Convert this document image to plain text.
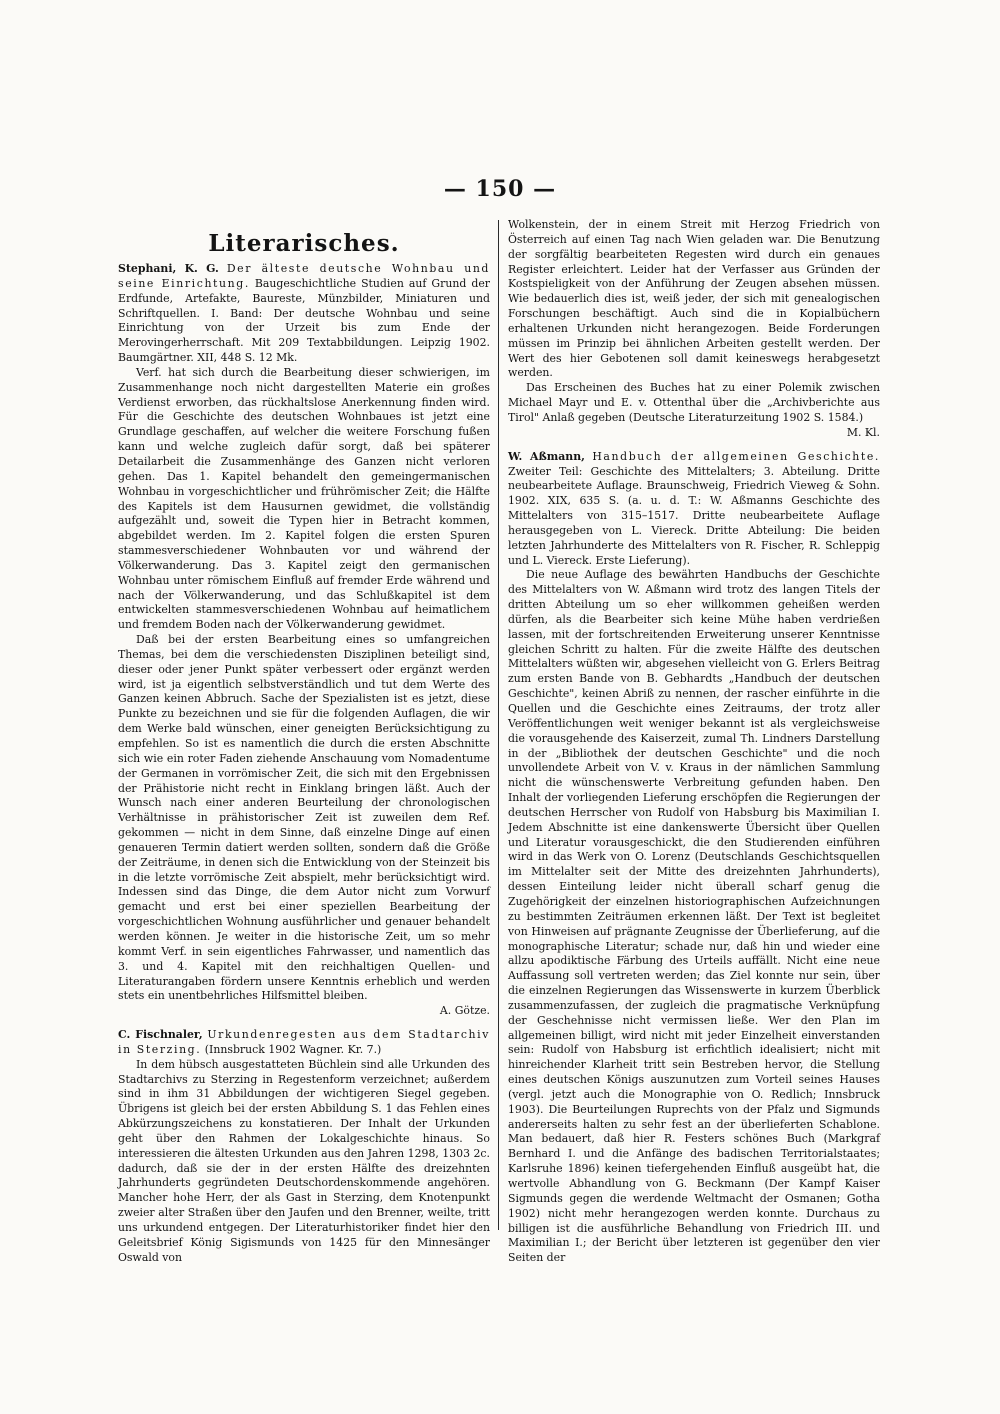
— 150 —
Literarisches.

Stephani, K. G. Der älteste deutsche Wohnbau und seine Einrichtung. Baugeschichtliche Studien auf Grund der Erdfunde, Artefakte, Baureste, Münzbilder, Miniaturen und Schriftquellen. I. Band: Der deutsche Wohnbau und seine Einrichtung von der Urzeit bis zum Ende der Merovingerherrschaft. Mit 209 Textabbildungen. Leipzig 1902. Baumgärtner. XII, 448 S. 12 Mk.

Verf. hat sich durch die Bearbeitung dieser schwierigen, im Zusammenhange noch nicht dargestellten Materie ein großes Verdienst erworben, das rückhaltslose Anerkennung finden wird. Für die Geschichte des deutschen Wohnbaues ist jetzt eine Grundlage geschaffen, auf welcher die weitere Forschung fußen kann und welche zugleich dafür sorgt, daß bei späterer Detailarbeit die Zusammenhänge des Ganzen nicht verloren gehen. Das 1. Kapitel behandelt den gemeingermanischen Wohnbau in vorgeschichtlicher und frührömischer Zeit; die Hälfte des Kapitels ist dem Hausurnen gewidmet, die vollständig aufgezählt und, soweit die Typen hier in Betracht kommen, abgebildet werden. Im 2. Kapitel folgen die ersten Spuren stammesverschiedener Wohnbauten vor und während der Völkerwanderung. Das 3. Kapitel zeigt den germanischen Wohnbau unter römischem Einfluß auf fremder Erde während und nach der Völkerwanderung, und das Schlußkapitel ist dem entwickelten stammesverschiedenen Wohnbau auf heimatlichem und fremdem Boden nach der Völkerwanderung gewidmet.

Daß bei der ersten Bearbeitung eines so umfangreichen Themas, bei dem die verschiedensten Disziplinen beteiligt sind, dieser oder jener Punkt später verbessert oder ergänzt werden wird, ist ja eigentlich selbstverständlich und tut dem Werte des Ganzen keinen Abbruch. Sache der Spezialisten ist es jetzt, diese Punkte zu bezeichnen und sie für die folgenden Auflagen, die wir dem Werke bald wünschen, einer geneigten Berücksichtigung zu empfehlen. So ist es namentlich die durch die ersten Abschnitte sich wie ein roter Faden ziehende Anschauung vom Nomadentume der Germanen in vorrömischer Zeit, die sich mit den Ergebnissen der Prähistorie nicht recht in Einklang bringen läßt. Auch der Wunsch nach einer anderen Beurteilung der chronologischen Verhältnisse in prähistorischer Zeit ist zuweilen dem Ref. gekommen — nicht in dem Sinne, daß einzelne Dinge auf einen genaueren Termin datiert werden sollten, sondern daß die Größe der Zeiträume, in denen sich die Entwicklung von der Steinzeit bis in die letzte vorrömische Zeit abspielt, mehr berücksichtigt wird. Indessen sind das Dinge, die dem Autor nicht zum Vorwurf gemacht und erst bei einer speziellen Bearbeitung der vorgeschichtlichen Wohnung ausführlicher und genauer behandelt werden können. Je weiter in die historische Zeit, um so mehr kommt Verf. in sein eigentliches Fahrwasser, und namentlich das 3. und 4. Kapitel mit den reichhaltigen Quellen- und Literaturangaben fördern unsere Kenntnis erheblich und werden stets ein unentbehrliches Hilfsmittel bleiben.

A. Götze.

C. Fischnaler, Urkundenregesten aus dem Stadtarchiv in Sterzing. (Innsbruck 1902 Wagner. Kr. 7.)

In dem hübsch ausgestatteten Büchlein sind alle Urkunden des Stadtarchivs zu Sterzing in Regestenform verzeichnet; außerdem sind in ihm 31 Abbildungen der wichtigeren Siegel gegeben. Übrigens ist gleich bei der ersten Abbildung S. 1 das Fehlen eines Abkürzungszeichens zu konstatieren. Der Inhalt der Urkunden geht über den Rahmen der Lokalgeschichte hinaus. So interessieren die ältesten Urkunden aus den Jahren 1298, 1303 2c. dadurch, daß sie der in der ersten Hälfte des dreizehnten Jahrhunderts gegründeten Deutschordenskommende angehören. Mancher hohe Herr, der als Gast in Sterzing, dem Knotenpunkt zweier alter Straßen über den Jaufen und den Brenner, weilte, tritt uns urkundend entgegen. Der Literaturhistoriker findet hier den Geleitsbrief König Sigismunds von 1425 für den Minnesänger Oswald von

Wolkenstein, der in einem Streit mit Herzog Friedrich von Österreich auf einen Tag nach Wien geladen war. Die Benutzung der sorgfältig bearbeiteten Regesten wird durch ein genaues Register erleichtert. Leider hat der Verfasser aus Gründen der Kostspieligkeit von der Anführung der Zeugen absehen müssen. Wie bedauerlich dies ist, weiß jeder, der sich mit genealogischen Forschungen beschäftigt. Auch sind die in Kopialbüchern erhaltenen Urkunden nicht herangezogen. Beide Forderungen müssen im Prinzip bei ähnlichen Arbeiten gestellt werden. Der Wert des hier Gebotenen soll damit keineswegs herabgesetzt werden.

Das Erscheinen des Buches hat zu einer Polemik zwischen Michael Mayr und E. v. Ottenthal über die „Archivberichte aus Tirol" Anlaß gegeben (Deutsche Literaturzeitung 1902 S. 1584.)

M. Kl.

W. Aßmann, Handbuch der allgemeinen Geschichte. Zweiter Teil: Geschichte des Mittelalters; 3. Abteilung. Dritte neubearbeitete Auflage. Braunschweig, Friedrich Vieweg & Sohn. 1902. XIX, 635 S. (a. u. d. T.: W. Aßmanns Geschichte des Mittelalters von 315–1517. Dritte neubearbeitete Auflage herausgegeben von L. Viereck. Dritte Abteilung: Die beiden letzten Jahrhunderte des Mittelalters von R. Fischer, R. Schleppig und L. Viereck. Erste Lieferung).

Die neue Auflage des bewährten Handbuchs der Geschichte des Mittelalters von W. Aßmann wird trotz des langen Titels der dritten Abteilung um so eher willkommen geheißen werden dürfen, als die Bearbeiter sich keine Mühe haben verdrießen lassen, mit der fortschreitenden Erweiterung unserer Kenntnisse gleichen Schritt zu halten. Für die zweite Hälfte des deutschen Mittelalters wüßten wir, abgesehen vielleicht von G. Erlers Beitrag zum ersten Bande von B. Gebhardts „Handbuch der deutschen Geschichte", keinen Abriß zu nennen, der rascher einführte in die Quellen und die Geschichte eines Zeitraums, der trotz aller Veröffentlichungen weit weniger bekannt ist als vergleichsweise die vorausgehende des Kaiserzeit, zumal Th. Lindners Darstellung in der „Bibliothek der deutschen Geschichte" und die noch unvollendete Arbeit von V. v. Kraus in der nämlichen Sammlung nicht die wünschenswerte Verbreitung gefunden haben. Den Inhalt der vorliegenden Lieferung erschöpfen die Regierungen der deutschen Herrscher von Rudolf von Habsburg bis Maximilian I. Jedem Abschnitte ist eine dankenswerte Übersicht über Quellen und Literatur vorausgeschickt, die den Studierenden einführen wird in das Werk von O. Lorenz (Deutschlands Geschichtsquellen im Mittelalter seit der Mitte des dreizehnten Jahrhunderts), dessen Einteilung leider nicht überall scharf genug die Zugehörigkeit der einzelnen historiographischen Aufzeichnungen zu bestimmten Zeiträumen erkennen läßt. Der Text ist begleitet von Hinweisen auf prägnante Zeugnisse der Überlieferung, auf die monographische Literatur; schade nur, daß hin und wieder eine allzu apodiktische Färbung des Urteils auffällt. Nicht eine neue Auffassung soll vertreten werden; das Ziel konnte nur sein, über die einzelnen Regierungen das Wissenswerte in kurzem Überblick zusammenzufassen, der zugleich die pragmatische Verknüpfung der Geschehnisse nicht vermissen ließe. Wer den Plan im allgemeinen billigt, wird nicht mit jeder Einzelheit einverstanden sein: Rudolf von Habsburg ist erfichtlich idealisiert; nicht mit hinreichender Klarheit tritt sein Bestreben hervor, die Stellung eines deutschen Königs auszunutzen zum Vorteil seines Hauses (vergl. jetzt auch die Monographie von O. Redlich; Innsbruck 1903). Die Beurteilungen Ruprechts von der Pfalz und Sigmunds andererseits halten zu sehr fest an der überlieferten Schablone. Man bedauert, daß hier R. Festers schönes Buch (Markgraf Bernhard I. und die Anfänge des badischen Territorialstaates; Karlsruhe 1896) keinen tiefergehenden Einfluß ausgeübt hat, die wertvolle Abhandlung von G. Beckmann (Der Kampf Kaiser Sigmunds gegen die werdende Weltmacht der Osmanen; Gotha 1902) nicht mehr herangezogen werden konnte. Durchaus zu billigen ist die ausführliche Behandlung von Friedrich III. und Maximilian I.; der Bericht über letzteren ist gegenüber den vier Seiten der
